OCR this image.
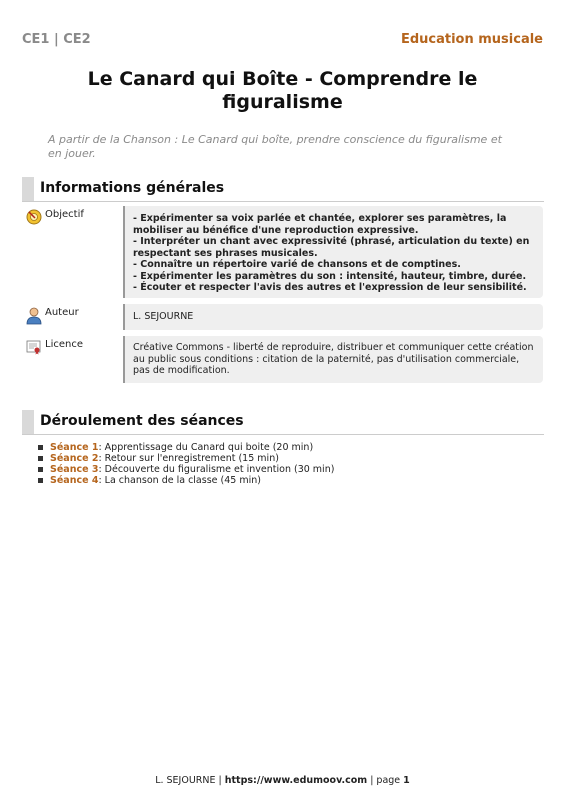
CE1 | CE2	Education musicale
Le Canard qui Boîte - Comprendre le figuralisme
A partir de la Chanson : Le Canard qui boîte, prendre conscience du figuralisme et en jouer.
Informations générales
Objectif	- Expérimenter sa voix parlée et chantée, explorer ses paramètres, la mobiliser au bénéfice d'une reproduction expressive.
- Interpréter un chant avec expressivité (phrasé, articulation du texte) en respectant ses phrases musicales.
- Connaître un répertoire varié de chansons et de comptines.
- Expérimenter les paramètres du son : intensité, hauteur, timbre, durée.
- Écouter et respecter l'avis des autres et l'expression de leur sensibilité.
Auteur	L. SEJOURNE
Licence	Créative Commons - liberté de reproduire, distribuer et communiquer cette création au public sous conditions : citation de la paternité, pas d'utilisation commerciale, pas de modification.
Déroulement des séances
Séance 1 : Apprentissage du Canard qui boite (20 min)
Séance 2 : Retour sur l'enregistrement (15 min)
Séance 3 : Découverte du figuralisme et invention (30 min)
Séance 4 : La chanson de la classe (45 min)
L. SEJOURNE | https://www.edumoov.com | page 1
